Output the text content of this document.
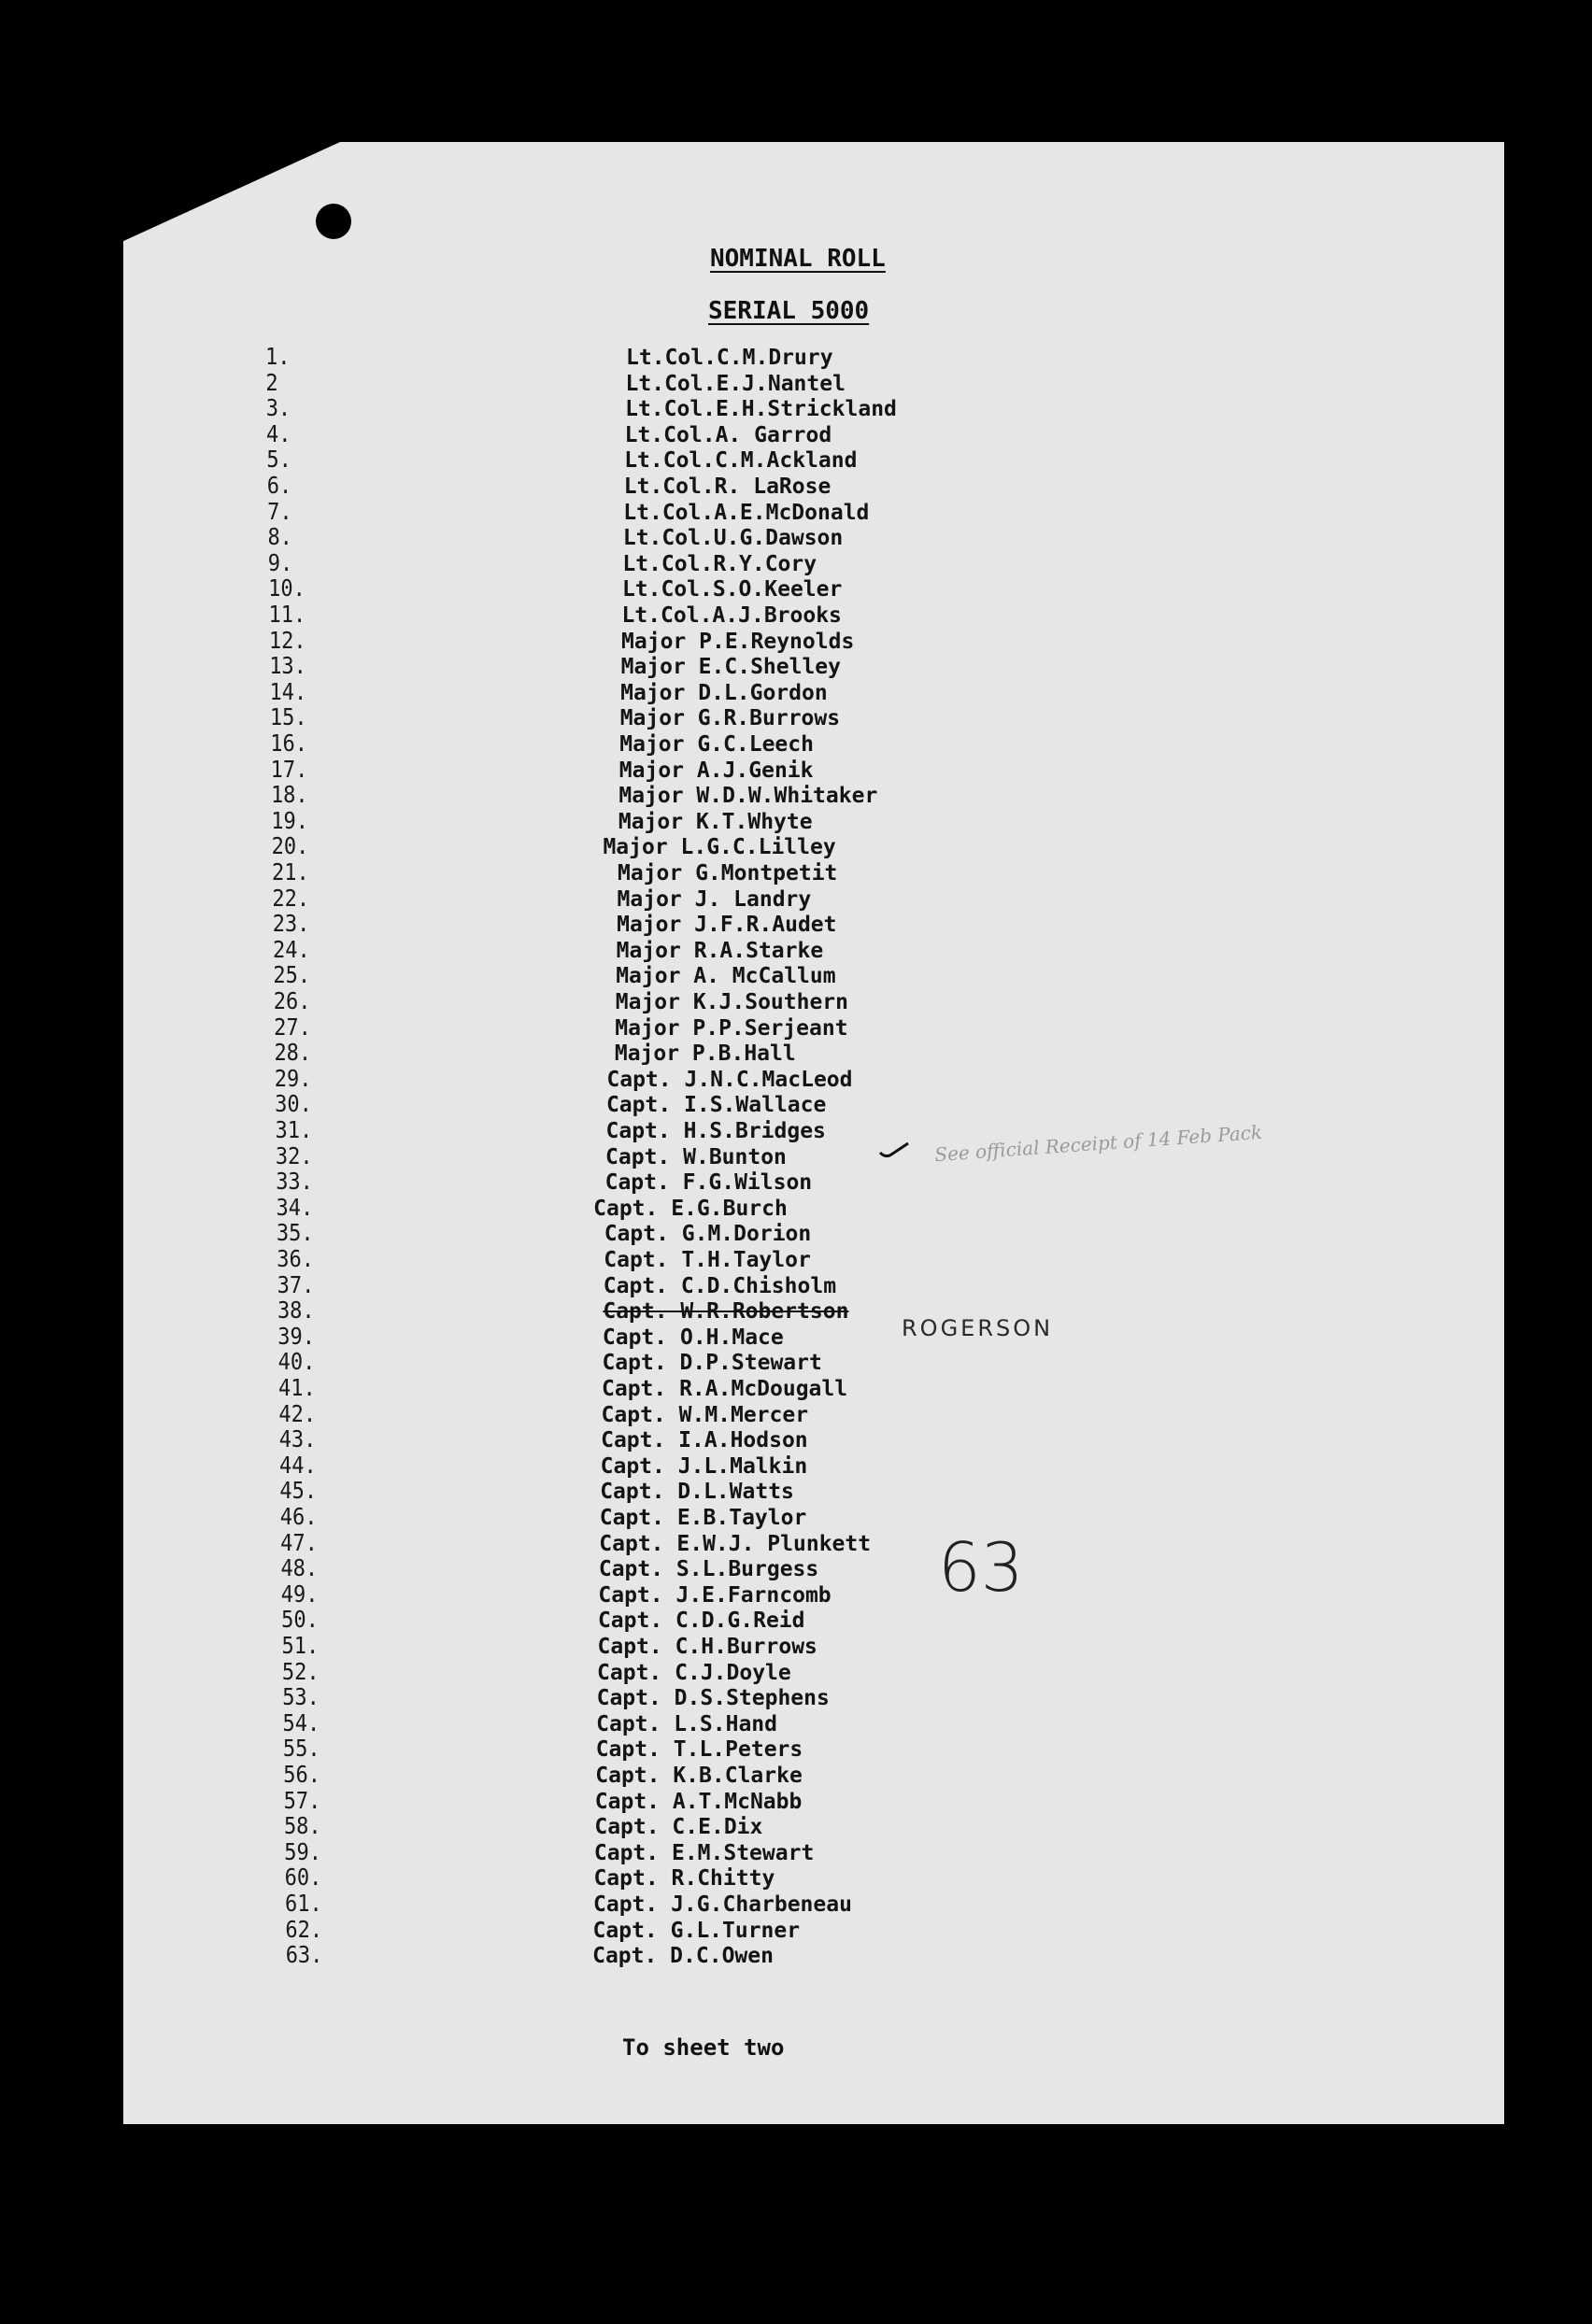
NOMINAL ROLL
SERIAL 5000
1.	Lt.Col.C.M.Drury
2	Lt.Col.E.J.Nantel
3.	Lt.Col.E.H.Strickland
4.	Lt.Col.A. Garrod
5.	Lt.Col.C.M.Ackland
6.	Lt.Col.R. LaRose
7.	Lt.Col.A.E.McDonald
8.	Lt.Col.U.G.Dawson
9.	Lt.Col.R.Y.Cory
10.	Lt.Col.S.O.Keeler
11.	Lt.Col.A.J.Brooks
12.	Major P.E.Reynolds
13.	Major E.C.Shelley
14.	Major D.L.Gordon
15.	Major G.R.Burrows
16.	Major G.C.Leech
17.	Major A.J.Genik
18.	Major W.D.W.Whitaker
19.	Major K.T.Whyte
20.	Major L.G.C.Lilley
21.	Major G.Montpetit
22.	Major J. Landry
23.	Major J.F.R.Audet
24.	Major R.A.Starke
25.	Major A. McCallum
26.	Major K.J.Southern
27.	Major P.P.Serjeant
28.	Major P.B.Hall
29.	Capt. J.N.C.MacLeod
30.	Capt. I.S.Wallace
31.	Capt. H.S.Bridges
32.	Capt. W.Bunton
33.	Capt. F.G.Wilson
34.	Capt. E.G.Burch
35.	Capt. G.M.Dorion
36.	Capt. T.H.Taylor
37.	Capt. C.D.Chisholm
38.	Capt. W.R.Robertson
39.	Capt. O.H.Mace
40.	Capt. D.P.Stewart
41.	Capt. R.A.McDougall
42.	Capt. W.M.Mercer
43.	Capt. I.A.Hodson
44.	Capt. J.L.Malkin
45.	Capt. D.L.Watts
46.	Capt. E.B.Taylor
47.	Capt. E.W.J. Plunkett
48.	Capt. S.L.Burgess
49.	Capt. J.E.Farncomb
50.	Capt. C.D.G.Reid
51.	Capt. C.H.Burrows
52.	Capt. C.J.Doyle
53.	Capt. D.S.Stephens
54.	Capt. L.S.Hand
55.	Capt. T.L.Peters
56.	Capt. K.B.Clarke
57.	Capt. A.T.McNabb
58.	Capt. C.E.Dix
59.	Capt. E.M.Stewart
60.	Capt. R.Chitty
61.	Capt. J.G.Charbeneau
62.	Capt. G.L.Turner
63.	Capt. D.C.Owen
See official Receipt of 14 Feb Pack
ROGERSON
63
To sheet two
